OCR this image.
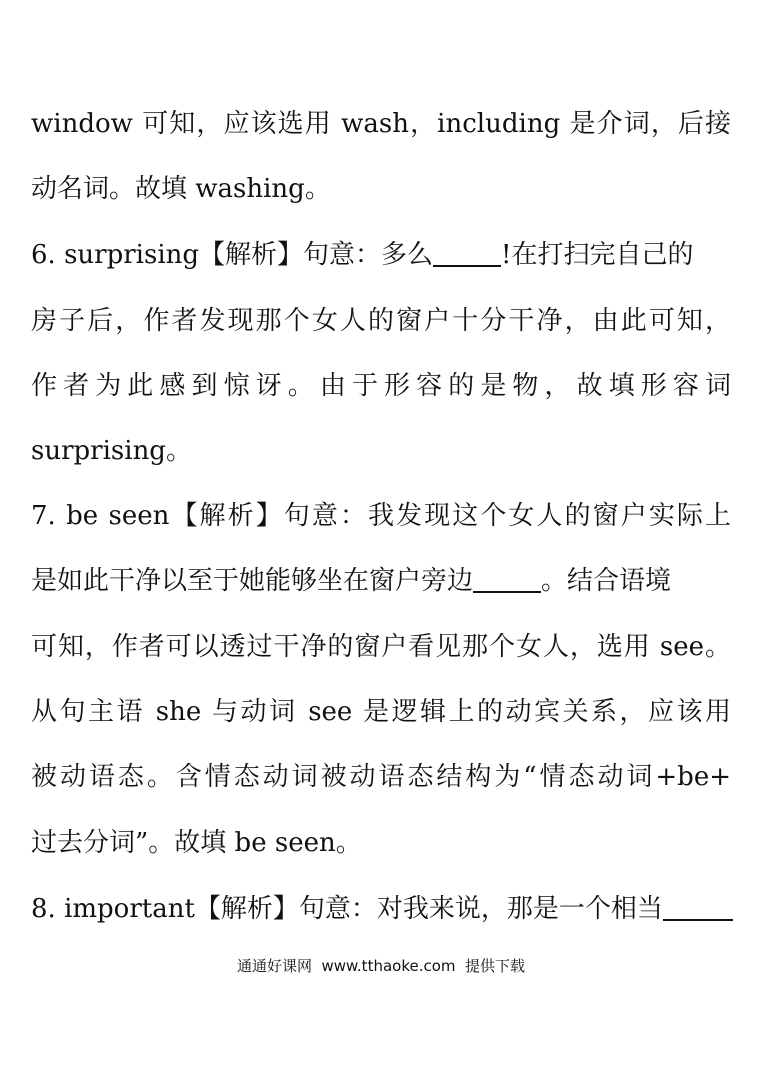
window 可知，应该选用 wash，including 是介词，后接
动名词。故填 washing。
6. surprising【解析】句意：多么	!在打扫完自己的
房子后，作者发现那个女人的窗户十分干净，由此可知，
作者为此感到惊讶。由于形容的是物，故填形容词
surprising。
7. be seen【解析】句意：我发现这个女人的窗户实际上
是如此干净以至于她能够坐在窗户旁边	。结合语境
可知，作者可以透过干净的窗户看见那个女人，选用 see。
从句主语 she 与动词 see 是逻辑上的动宾关系，应该用
被动语态。含情态动词被动语态结构为“情态动词+be+
过去分词”。故填 be seen。
8. important【解析】句意：对我来说，那是一个相当
通通好课网  www.tthaoke.com  提供下载
